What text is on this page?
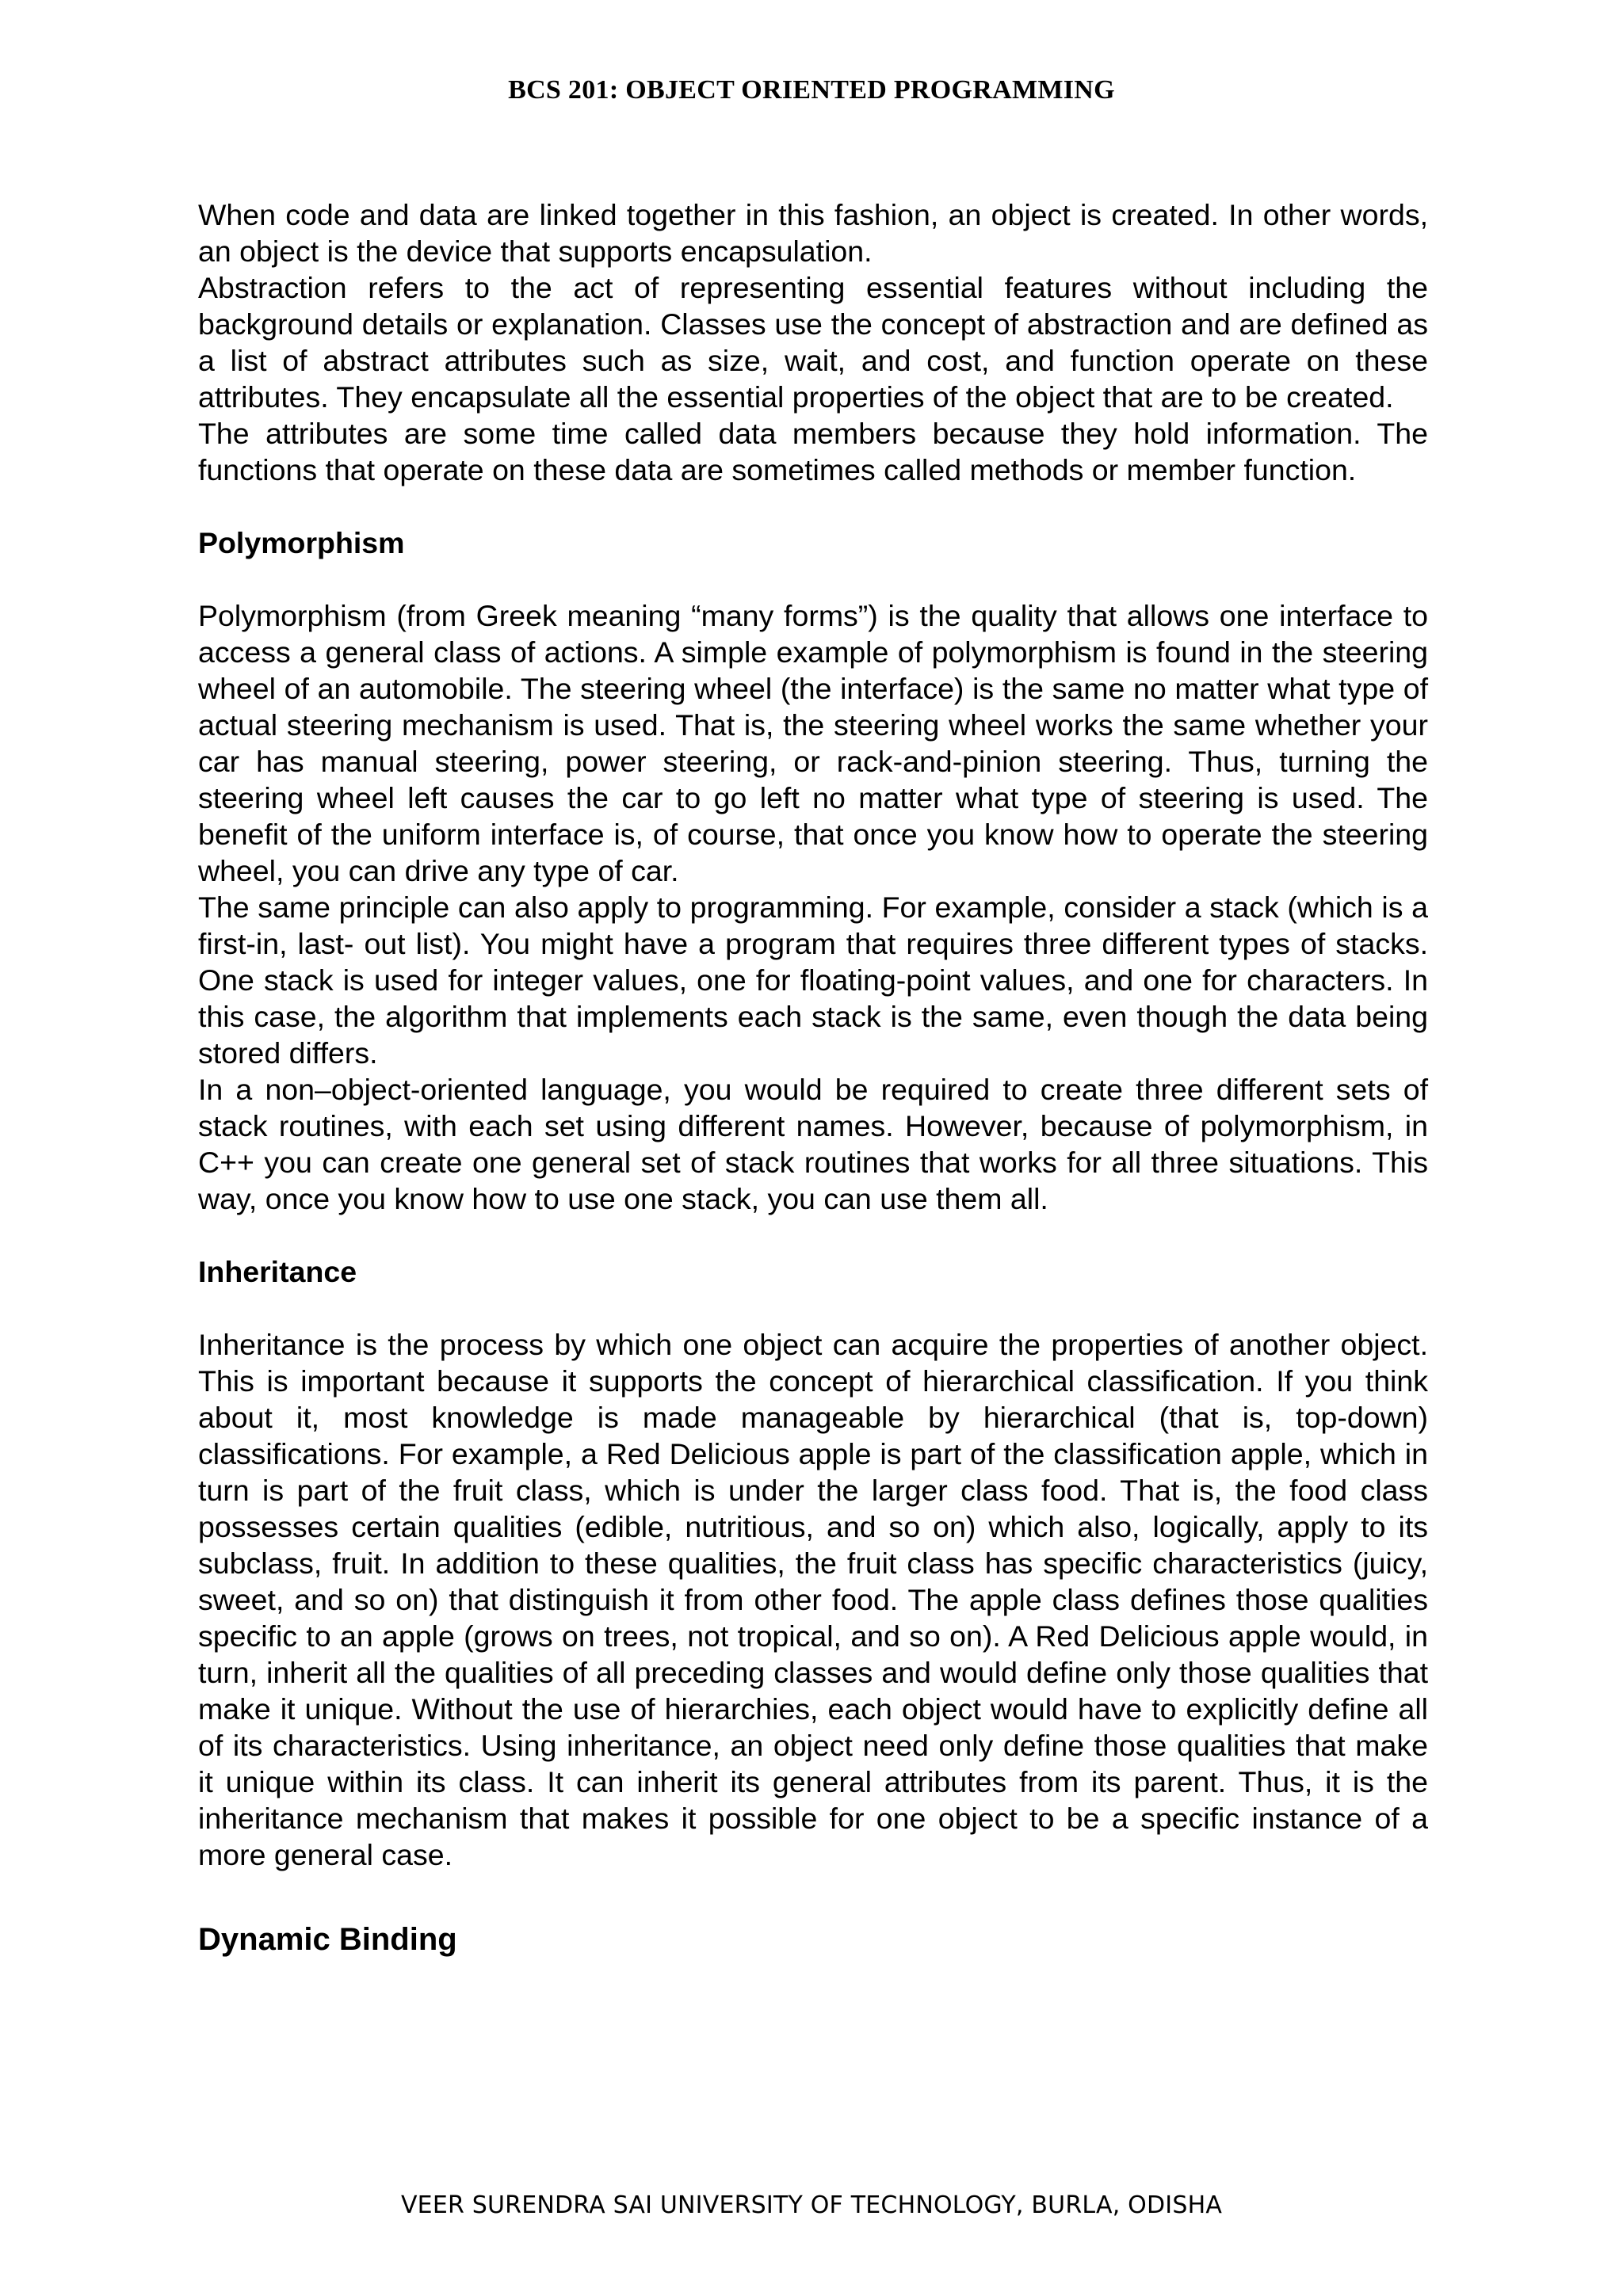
BCS 201: OBJECT ORIENTED PROGRAMMING

When code and data are linked together in this fashion, an object is created. In other words, an object is the device that supports encapsulation.

Abstraction refers to the act of representing essential features without including the background details or explanation. Classes use the concept of abstraction and are defined as a list of abstract attributes such as size, wait, and cost, and function operate on these attributes. They encapsulate all the essential properties of the object that are to be created.

The attributes are some time called data members because they hold information. The functions that operate on these data are sometimes called methods or member function.

Polymorphism

Polymorphism (from Greek meaning “many forms”) is the quality that allows one interface to access a general class of actions. A simple example of polymorphism is found in the steering wheel of an automobile. The steering wheel (the interface) is the same no matter what type of actual steering mechanism is used. That is, the steering wheel works the same whether your car has manual steering, power steering, or rack-and-pinion steering. Thus, turning the steering wheel left causes the car to go left no matter what type of steering is used. The benefit of the uniform interface is, of course, that once you know how to operate the steering wheel, you can drive any type of car.

The same principle can also apply to programming. For example, consider a stack (which is a first-in, last- out list). You might have a program that requires three different types of stacks. One stack is used for integer values, one for floating-point values, and one for characters. In this case, the algorithm that implements each stack is the same, even though the data being stored differs.

In a non–object-oriented language, you would be required to create three different sets of stack routines, with each set using different names. However, because of polymorphism, in C++ you can create one general set of stack routines that works for all three situations. This way, once you know how to use one stack, you can use them all.

Inheritance

Inheritance is the process by which one object can acquire the properties of another object. This is important because it supports the concept of hierarchical classification. If you think about it, most knowledge is made manageable by hierarchical (that is, top-down) classifications. For example, a Red Delicious apple is part of the classification apple, which in turn is part of the fruit class, which is under the larger class food. That is, the food class possesses certain qualities (edible, nutritious, and so on) which also, logically, apply to its subclass, fruit. In addition to these qualities, the fruit class has specific characteristics (juicy, sweet, and so on) that distinguish it from other food. The apple class defines those qualities specific to an apple (grows on trees, not tropical, and so on). A Red Delicious apple would, in turn, inherit all the qualities of all preceding classes and would define only those qualities that make it unique. Without the use of hierarchies, each object would have to explicitly define all of its characteristics. Using inheritance, an object need only define those qualities that make it unique within its class. It can inherit its general attributes from its parent. Thus, it is the inheritance mechanism that makes it possible for one object to be a specific instance of a more general case.

Dynamic Binding
VEER SURENDRA SAI UNIVERSITY OF TECHNOLOGY, BURLA, ODISHA
